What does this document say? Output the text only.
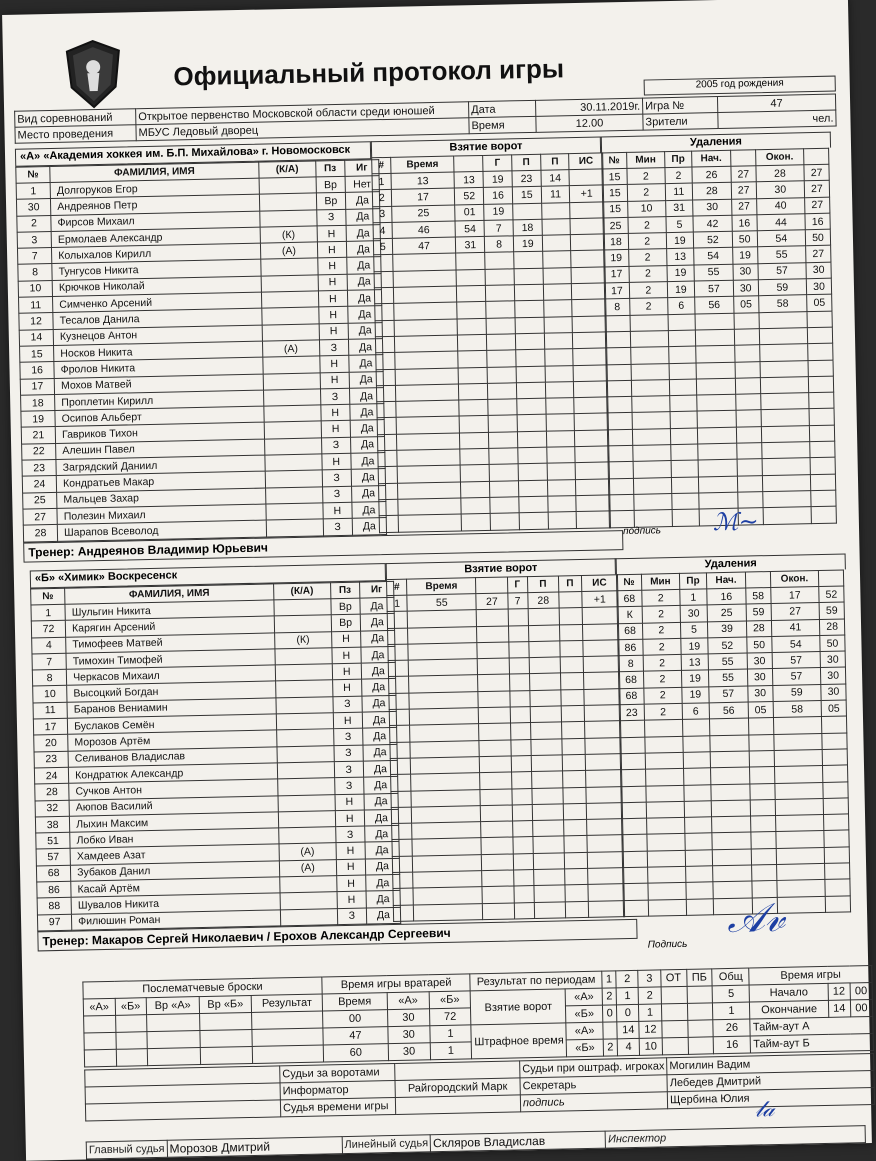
Официальный протокол игры	2005 год рождения
Вид соревнований	Открытое первенство Московской области среди юношей	Дата	30.11.2019г.	Игра №	47
Место проведения	МБУС Ледовый дворец	Время	12.00	Зрители	чел.
«А» «Академия хоккея им. Б.П. Михайлова» г. Новомосковск
№	ФАМИЛИЯ, ИМЯ	(К/А)	Пз	Иг
1	Долгоруков Егор		Вр	Нет
30	Андреянов Петр		Вр	Да
2	Фирсов Михаил		З	Да
3	Ермолаев Александр	(К)	Н	Да
7	Колыхалов Кирилл	(А)	Н	Да
8	Тунгусов Никита		Н	Да
10	Крючков Николай		Н	Да
11	Симченко Арсений		Н	Да
12	Тесалов Данила		Н	Да
14	Кузнецов Антон		Н	Да
15	Носков Никита	(А)	З	Да
16	Фролов Никита		Н	Да
17	Мохов Матвей		Н	Да
18	Проплетин Кирилл		З	Да
19	Осипов Альберт		Н	Да
21	Гавриков Тихон		Н	Да
22	Алешин Павел		З	Да
23	Загрядский Даниил		Н	Да
24	Кондратьев Макар		З	Да
25	Мальцев Захар		З	Да
27	Полезин Михаил		Н	Да
28	Шарапов Всеволод		З	Да
Взятие ворот
#	Время		Г	П	П	ИС
1	13	13	19	23	14	
2	17	52	16	15	11	+1
3	25	01	19			
4	46	54	7	18		
5	47	31	8	19		

Удаления
№	Мин	Пр	Нач.		Окон.	
15	2	2	26	27	28	27
15	2	11	28	27	30	27
15	10	31	30	27	40	27
25	2	5	42	16	44	16
18	2	19	52	50	54	50
19	2	13	54	19	55	27
17	2	19	55	30	57	30
17	2	19	57	30	59	30
8	2	6	56	05	58	05

Тренер: Андреянов Владимир Юрьевич
подпись ℳ~
«Б» «Химик» Воскресенск
№	ФАМИЛИЯ, ИМЯ	(К/А)	Пз	Иг
1	Шульгин Никита		Вр	Да
72	Карягин Арсений		Вр	Да
4	Тимофеев Матвей	(К)	Н	Да
7	Тимохин Тимофей		Н	Да
8	Черкасов Михаил		Н	Да
10	Высоцкий Богдан		Н	Да
11	Баранов Вениамин		З	Да
17	Буслаков Семён		Н	Да
20	Морозов Артём		З	Да
23	Селиванов Владислав		З	Да
24	Кондратюк Александр		З	Да
28	Сучков Антон		З	Да
32	Аюпов Василий		Н	Да
38	Лыхин Максим		Н	Да
51	Лобко Иван		З	Да
57	Хамдеев Азат	(А)	Н	Да
68	Зубаков Данил	(А)	Н	Да
86	Касай Артём		Н	Да
88	Шувалов Никита		Н	Да
97	Филюшин Роман		З	Да
Взятие ворот
#	Время		Г	П	П	ИС
1	55	27	7	28		+1

Удаления
№	Мин	Пр	Нач.		Окон.	
68	2	1	16	58	17	52
К	2	30	25	59	27	59
68	2	5	39	28	41	28
86	2	19	52	50	54	50
8	2	13	55	30	57	30
68	2	19	55	30	57	30
68	2	19	57	30	59	30
23	2	6	56	05	58	05

Тренер: Макаров Сергей Николаевич / Ерохов Александр Сергеевич	Подпись
𝒜𝓋
Послематчевые броски					Время игры вратарей			Результат по периодам		1	2	3	ОТ	ПБ	Общ	Время игры		
«А»	«Б»	Вр «А»	Вр «Б»	Результат	Время	«А»	«Б»	Взятие ворот	«А»	2	1	2			5	Начало	12	00
					00	30	72		«Б»	0	0	1			1	Окончание	14	00
					47	30	1	Штрафное время	«А»		14	12			26	Тайм-аут А		
					60	30	1		«Б»	2	4	10			16	Тайм-аут Б		
	Судьи за воротами		Судьи при оштраф. игроках	Могилин Вадим
	Информатор	Райгородский Марк	Секретарь	Лебедев Дмитрий
	Судья времени игры		подпись	Щербина Юлия
Главный судья	Морозов Дмитрий	Линейный судья	Скляров Владислав	Инспектор
𝓁𝒶
